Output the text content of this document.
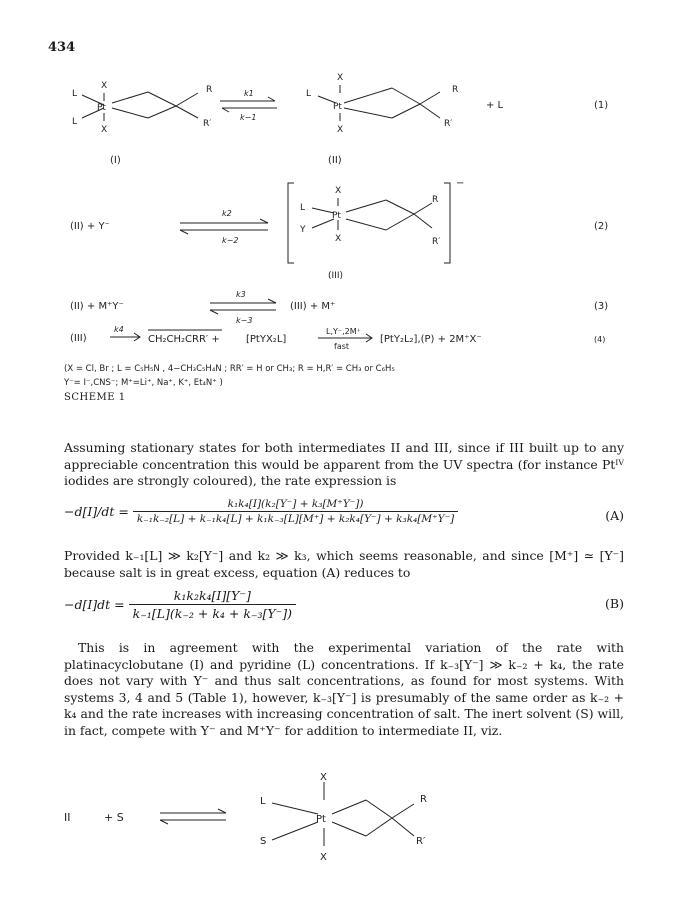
434
X
X
L
L
Pt
R
R′
(I)
k1
k−1
X
X
L
Pt
R
R′
(II)
+ L	(1)
(II) + Y⁻
k2
k−2
X
X
L
Y
Pt
R
R′
−
(III)
(2)
(II) + M⁺Y⁻
k3
k−3
(III) + M⁺	(3)
(III)
k4
CH₂CH₂CRR′ +	[PtYX₂L]
L,Y⁻,2M⁺
fast
[PtY₂L₂],(P) + 2M⁺X⁻	(4)
(X = Cl, Br ; L = C₅H₅N , 4−CH₃C₅H₄N ; RR′ = H or CH₃; R = H,R′ = CH₃ or C₆H₅
Y⁻= I⁻,CNS⁻; M⁺=Li⁺, Na⁺, K⁺, Et₄N⁺ )
SCHEME 1
Assuming stationary states for both intermediates II and III, since if III built up to any appreciable concentration this would be apparent from the UV spectra (for instance Ptᴵⱽ iodides are strongly coloured), the rate expression is
$-d[I]/dt = \frac{\text{k₁k₄[I](k₂[Y⁻] + k₃[M⁺Y⁻])}}{\text{k₋₁k₋₂[L] + k₋₁k₄[L] + k₁k₋₃[L][M⁺] + k₂k₄[Y⁻] + k₃k₄[M⁺Y⁻]}}$	(A)
Provided k₋₁[L] ≫ k₂[Y⁻] and k₂ ≫ k₃, which seems reasonable, and since [M⁺] ≃ [Y⁻] because salt is in great excess, equation (A) reduces to
$-d[I]dt = \frac{\text{k₁k₂k₄[I][Y⁻]}}{\text{k₋₁[L](k₋₂ + k₄ + k₋₃[Y⁻])}}$	(B)
This is in agreement with the experimental variation of the rate with platinacyclobutane (I) and pyridine (L) concentrations. If k₋₃[Y⁻] ≫ k₋₂ + k₄, the rate does not vary with Y⁻ and thus salt concentrations, as found for most systems. With systems 3, 4 and 5 (Table 1), however, k₋₃[Y⁻] is presumably of the same order as k₋₂ + k₄ and the rate increases with increasing concentration of salt. The inert solvent (S) will, in fact, compete with Y⁻ and M⁺Y⁻ for addition to intermediate II, viz.
II	+ S
X
X
L
S
Pt
R
R′
